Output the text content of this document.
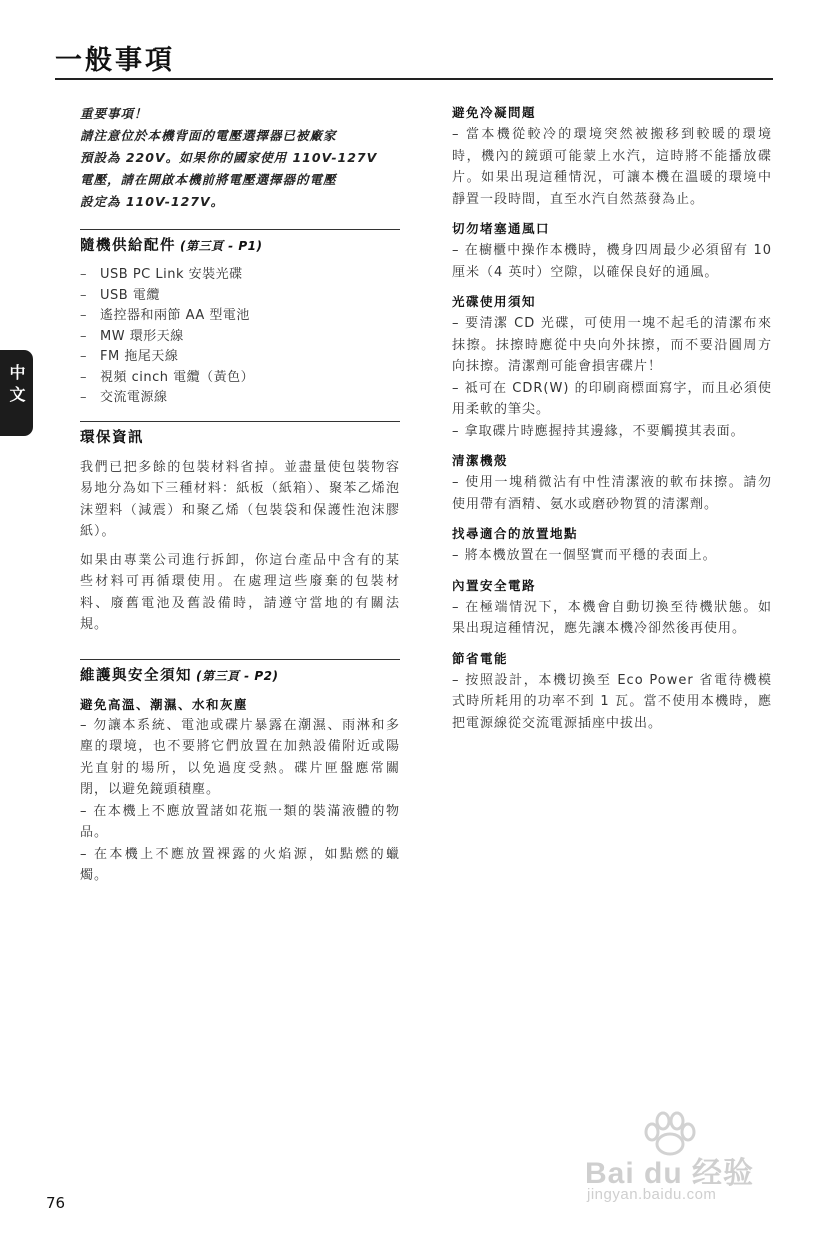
一般事項
中文
重要事項！
請注意位於本機背面的電壓選擇器已被廠家
預設為 220V。如果你的國家使用 110V-127V
電壓，請在開啟本機前將電壓選擇器的電壓
設定為 110V-127V。
隨機供給配件 (第三頁 - P1)
– USB PC Link 安裝光碟
– USB 電纜
– 遙控器和兩節 AA 型電池
– MW 環形天線
– FM 拖尾天線
– 視頻 cinch 電纜（黃色）
– 交流電源線
環保資訊

我們已把多餘的包裝材料省掉。並盡量使包裝物容易地分為如下三種材料：紙板（紙箱）、聚苯乙烯泡沫塑料（減震）和聚乙烯（包裝袋和保護性泡沫膠紙）。

如果由專業公司進行拆卸，你這台產品中含有的某些材料可再循環使用。在處理這些廢棄的包裝材料、廢舊電池及舊設備時，請遵守當地的有關法規。

維護與安全須知 (第三頁 - P2)
避免高溫、潮濕、水和灰塵

– 勿讓本系統、電池或碟片暴露在潮濕、雨淋和多塵的環境，也不要將它們放置在加熱設備附近或陽光直射的場所，以免過度受熱。碟片匣盤應常關閉，以避免鏡頭積塵。

– 在本機上不應放置諸如花瓶一類的裝滿液體的物品。

– 在本機上不應放置裸露的火焰源，如點燃的蠟燭。

避免冷凝問題

– 當本機從較冷的環境突然被搬移到較暖的環境時，機內的鏡頭可能蒙上水汽，這時將不能播放碟片。如果出現這種情況，可讓本機在溫暖的環境中靜置一段時間，直至水汽自然蒸發為止。

切勿堵塞通風口

– 在櫥櫃中操作本機時，機身四周最少必須留有 10 厘米（4 英吋）空隙，以確保良好的通風。

光碟使用須知

– 要清潔 CD 光碟，可使用一塊不起毛的清潔布來抹擦。抹擦時應從中央向外抹擦，而不要沿圓周方向抹擦。清潔劑可能會損害碟片！

– 祗可在 CDR(W) 的印刷商標面寫字，而且必須使用柔軟的筆尖。

– 拿取碟片時應握持其邊緣，不要觸摸其表面。

清潔機殼

– 使用一塊稍微沾有中性清潔液的軟布抹擦。請勿使用帶有酒精、氨水或磨砂物質的清潔劑。

找尋適合的放置地點

– 將本機放置在一個堅實而平穩的表面上。

內置安全電路

– 在極端情況下，本機會自動切換至待機狀態。如果出現這種情況，應先讓本機冷卻然後再使用。

節省電能

– 按照設計，本機切換至 Eco Power 省電待機模式時所耗用的功率不到 1 瓦。當不使用本機時，應把電源線從交流電源插座中拔出。

76
Bai du 经验
jingyan.baidu.com
